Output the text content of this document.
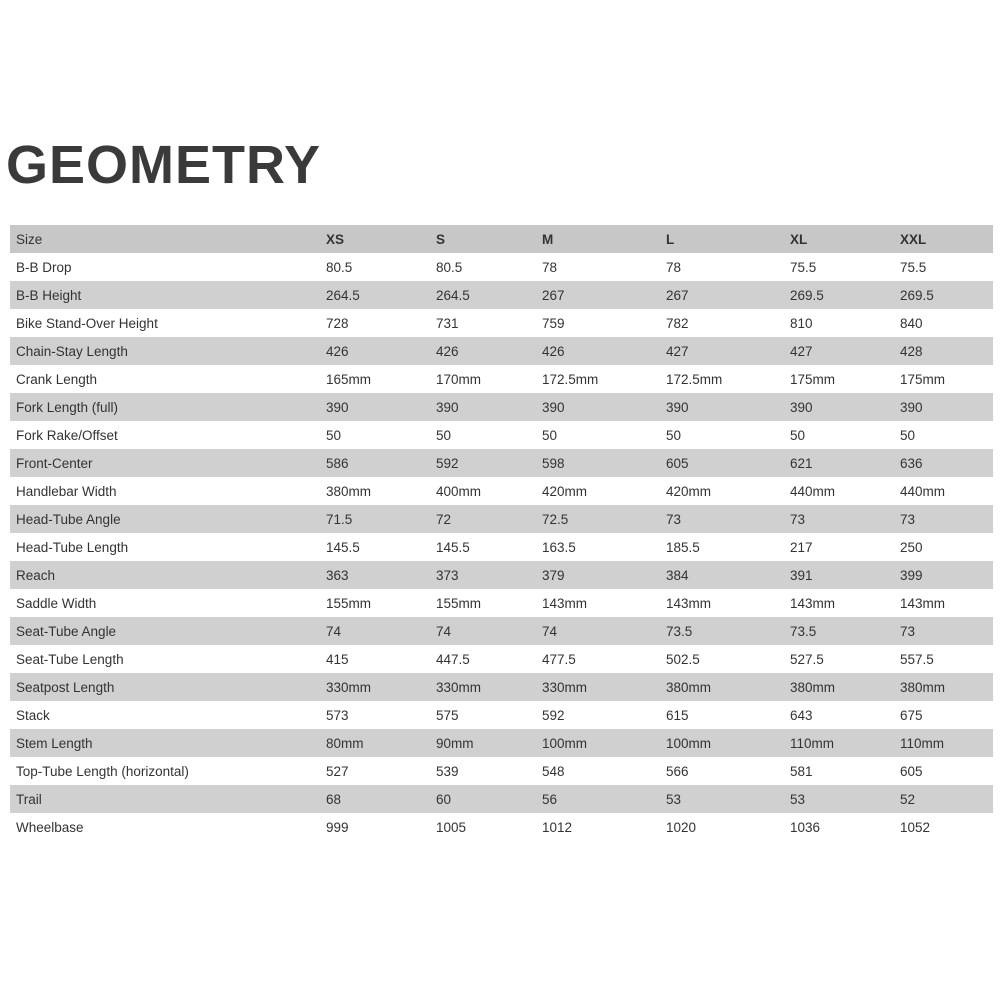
GEOMETRY
Size	XS	S	M	L	XL	XXL
B-B Drop	80.5	80.5	78	78	75.5	75.5
B-B Height	264.5	264.5	267	267	269.5	269.5
Bike Stand-Over Height	728	731	759	782	810	840
Chain-Stay Length	426	426	426	427	427	428
Crank Length	165mm	170mm	172.5mm	172.5mm	175mm	175mm
Fork Length (full)	390	390	390	390	390	390
Fork Rake/Offset	50	50	50	50	50	50
Front-Center	586	592	598	605	621	636
Handlebar Width	380mm	400mm	420mm	420mm	440mm	440mm
Head-Tube Angle	71.5	72	72.5	73	73	73
Head-Tube Length	145.5	145.5	163.5	185.5	217	250
Reach	363	373	379	384	391	399
Saddle Width	155mm	155mm	143mm	143mm	143mm	143mm
Seat-Tube Angle	74	74	74	73.5	73.5	73
Seat-Tube Length	415	447.5	477.5	502.5	527.5	557.5
Seatpost Length	330mm	330mm	330mm	380mm	380mm	380mm
Stack	573	575	592	615	643	675
Stem Length	80mm	90mm	100mm	100mm	110mm	110mm
Top-Tube Length (horizontal)	527	539	548	566	581	605
Trail	68	60	56	53	53	52
Wheelbase	999	1005	1012	1020	1036	1052
